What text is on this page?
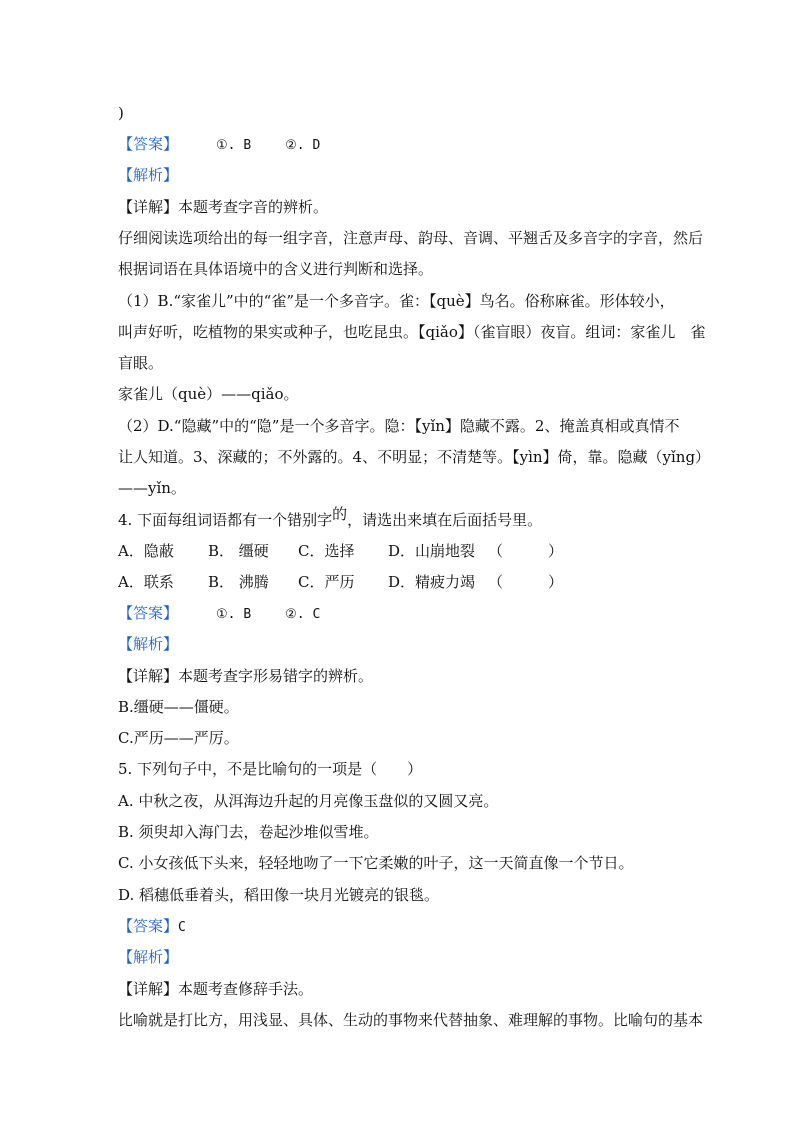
)
【答案】	①. B	②. D
【解析】
【详解】本题考查字音的辨析。
仔细阅读选项给出的每一组字音，注意声母、韵母、音调、平翘舌及多音字的字音，然后
根据词语在具体语境中的含义进行判断和选择。
（1）B.“家雀儿”中的“雀”是一个多音字。雀：【què】鸟名。俗称麻雀。形体较小，
叫声好听，吃植物的果实或种子，也吃昆虫。【qiǎo】（雀盲眼）夜盲。组词：家雀儿　雀
盲眼。
家雀儿（què）——qiǎo。
（2）D.“隐藏”中的“隐”是一个多音字。隐：【yǐn】隐藏不露。2、掩盖真相或真情不
让人知道。3、深藏的；不外露的。4、不明显；不清楚等。【yìn】倚，靠。隐藏（yǐng）
——yǐn。
4. 下面每组词语都有一个错别字的，请选出来填在后面括号里。
A．隐蔽 B． 缰硬 C．选择 D．山崩地裂 （　　　）
A．联系 B． 沸腾 C．严历 D．精疲力竭 （　　　）
【答案】	①. B	②. C
【解析】
【详解】本题考查字形易错字的辨析。
B.缰硬——僵硬。
C.严历——严厉。
5. 下列句子中，不是比喻句的一项是（　　）
A. 中秋之夜，从洱海边升起的月亮像玉盘似的又圆又亮。
B. 须臾却入海门去，卷起沙堆似雪堆。
C. 小女孩低下头来，轻轻地吻了一下它柔嫩的叶子，这一天简直像一个节日。
D. 稻穗低垂着头，稻田像一块月光镀亮的银毯。
【答案】C
【解析】
【详解】本题考查修辞手法。
比喻就是打比方，用浅显、具体、生动的事物来代替抽象、难理解的事物。比喻句的基本
